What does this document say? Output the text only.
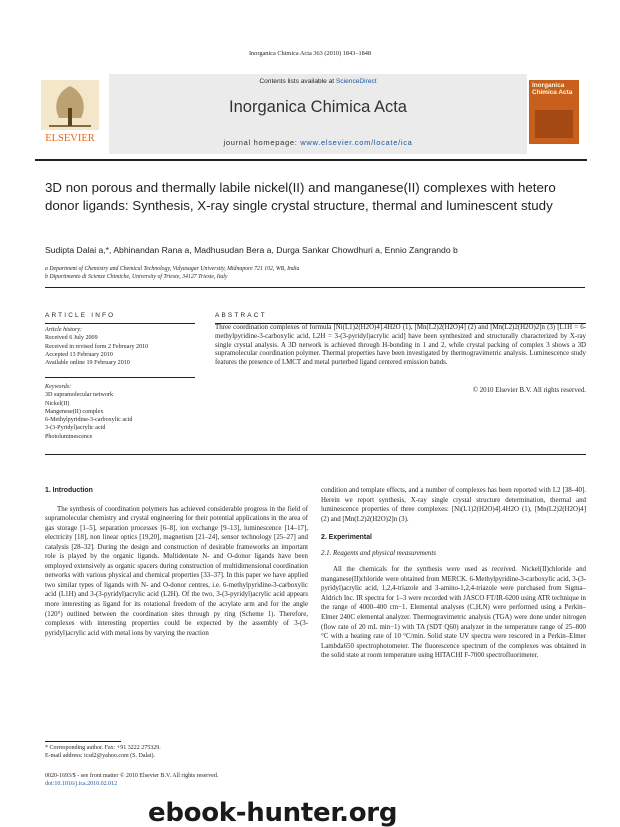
Inorganica Chimica Acta 363 (2010) 1843–1848
ELSEVIER
Contents lists available at ScienceDirect
Inorganica Chimica Acta
journal homepage: www.elsevier.com/locate/ica
Inorganica Chimica Acta
3D non porous and thermally labile nickel(II) and manganese(II) complexes with hetero donor ligands: Synthesis, X-ray single crystal structure, thermal and luminescent study
Sudipta Dalai a,*, Abhinandan Rana a, Madhusudan Bera a, Durga Sankar Chowdhuri a, Ennio Zangrando b
a Department of Chemistry and Chemical Technology, Vidyasagar University, Midnapore 721 102, WB, India
b Dipartimento di Scienze Chimiche, University of Trieste, 34127 Trieste, Italy
ARTICLE INFO	ABSTRACT
Article history:
Received 6 July 2009
Received in revised form 2 February 2010
Accepted 13 February 2010
Available online 19 February 2010
Keywords:
3D supramolecular network
Nickel(II)
Mangenese(II) complex
6-Methylpyridine-3-carboxylic acid
3-(3-Pyridyl)acrylic acid
Photoluminescence
Three coordination complexes of formula [Ni(L1)2(H2O)4].4H2O (1), [Mn(L2)2(H2O)4] (2) and [Mn(L2)2(H2O)2]n (3) [L1H = 6-methylpyridine-3-carboxylic acid, L2H = 3-(3-pyridyl)acrylic acid] have been synthesized and structurally characterized by X-ray single crystal analysis. A 3D network is achieved through H-bonding in 1 and 2, while crystal packing of complex 3 shows a 3D supramolecular coordination polymer. Thermal properties have been investigated by thermogravimetric analysis. Luminescence study features the presence of LMCT and metal purterbed ligand centered emission bands.
© 2010 Elsevier B.V. All rights reserved.
1. Introduction
The synthesis of coordination polymers has achieved considerable progress in the field of supramolecular chemistry and crystal engineering for their potential applications in the area of gas storage [1–5], separation processes [6–8], ion exchange [9–13], luminescence [14–17], electricity [18], non linear optics [19,20], magnetism [21–24], sensor technology [25–27] and catalysis [28–32]. During the design and construction of desirable frameworks an important role is played by the organic ligands. Multidentate N- and O-donor ligands have been employed extensively as organic spacers during construction of multidimensional coordination networks with various physical and chemical properties [33–37]. In this paper we have applied two similar types of ligands with N- and O-donor centres, i.e. 6-methylpyridine-3-carboxylic acid (L1H) and 3-(3-pyridyl)acrylic acid (L2H). Of the two, 3-(3-pyridyl)acrylic acid appears more interesting as ligand for its rotational freedom of the acrylate arm and for the angle (120°) outlined between the coordination sites through py ring (Scheme 1). Therefore, complexes with interesting properties could be expected by the assembly of 3-(3-pyridyl)acrylic acid with metal ions by varying the reaction
condition and template effects, and a number of complexes has been reported with L2 [38–40]. Herein we report synthesis, X-ray single crystal structure determination, thermal and luminescence properties of three complexes: [Ni(L1)2(H2O)4].4H2O (1), [Mn(L2)2(H2O)4] (2) and [Mn(L2)2(H2O)2]n (3).
2. Experimental
2.1. Reagents and physical measurements
All the chemicals for the synthesis were used as received. Nickel(II)chloride and manganese(II)chloride were obtained from MERCK. 6-Methylpyridine-3-carboxylic acid, 3-(3-pyridyl)acrylic acid, 1,2,4-triazole and 3-amino-1,2,4-triazole were purchased from Sigma–Aldrich Inc. IR spectra for 1–3 were recorded with JASCO FT/IR-6200 using ATR technique in the range of 4000–400 cm−1. Elemental analyses (C,H,N) were performed using a Perkin–Elmer 240C elemental analyzer. Thermogravimetric analysis (TGA) were done under nitrogen (flow rate of 20 mL min−1) with TA (SDT Q60) analyzer in the temperature range of 25–800 °C with a heating rate of 10 °C/min. Solid state UV spectra were rescored in a Perkin–Elmer Lambda650 spectrophotometer. The fluorescence spectrum of the complexes was obtained in the solid state at room temperature using HITACHI F-7000 spectrofluorimeter.
* Corresponding author. Fax: +91 3222 275329.
E-mail address: icsd2@yahoo.com (S. Dalai).
0020-1693/$ - see front matter © 2010 Elsevier B.V. All rights reserved.
doi:10.1016/j.ica.2010.02.012
ebook-hunter.org
